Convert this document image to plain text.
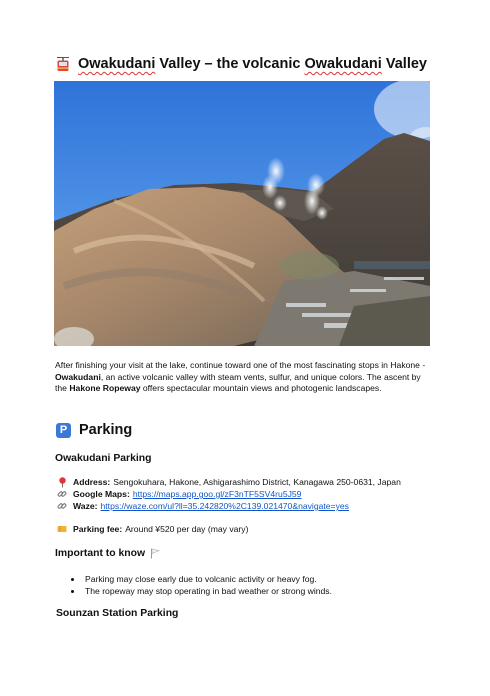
Owakudani Valley – the volcanic Owakudani Valley
After finishing your visit at the lake, continue toward one of the most fascinating stops in Hakone - Owakudani, an active volcanic valley with steam vents, sulfur, and unique colors. The ascent by the Hakone Ropeway offers spectacular mountain views and photogenic landscapes.
P Parking
Owakudani Parking
Address: Sengokuhara, Hakone, Ashigarashimo District, Kanagawa 250-0631, Japan
Google Maps: https://maps.app.goo.gl/zF3nTF5SV4ru5J59
Waze: https://waze.com/ul?ll=35.242820%2C139.021470&navigate=yes
Parking fee: Around ¥520 per day (may vary)
Important to know
Parking may close early due to volcanic activity or heavy fog.
The ropeway may stop operating in bad weather or strong winds.
Sounzan Station Parking
